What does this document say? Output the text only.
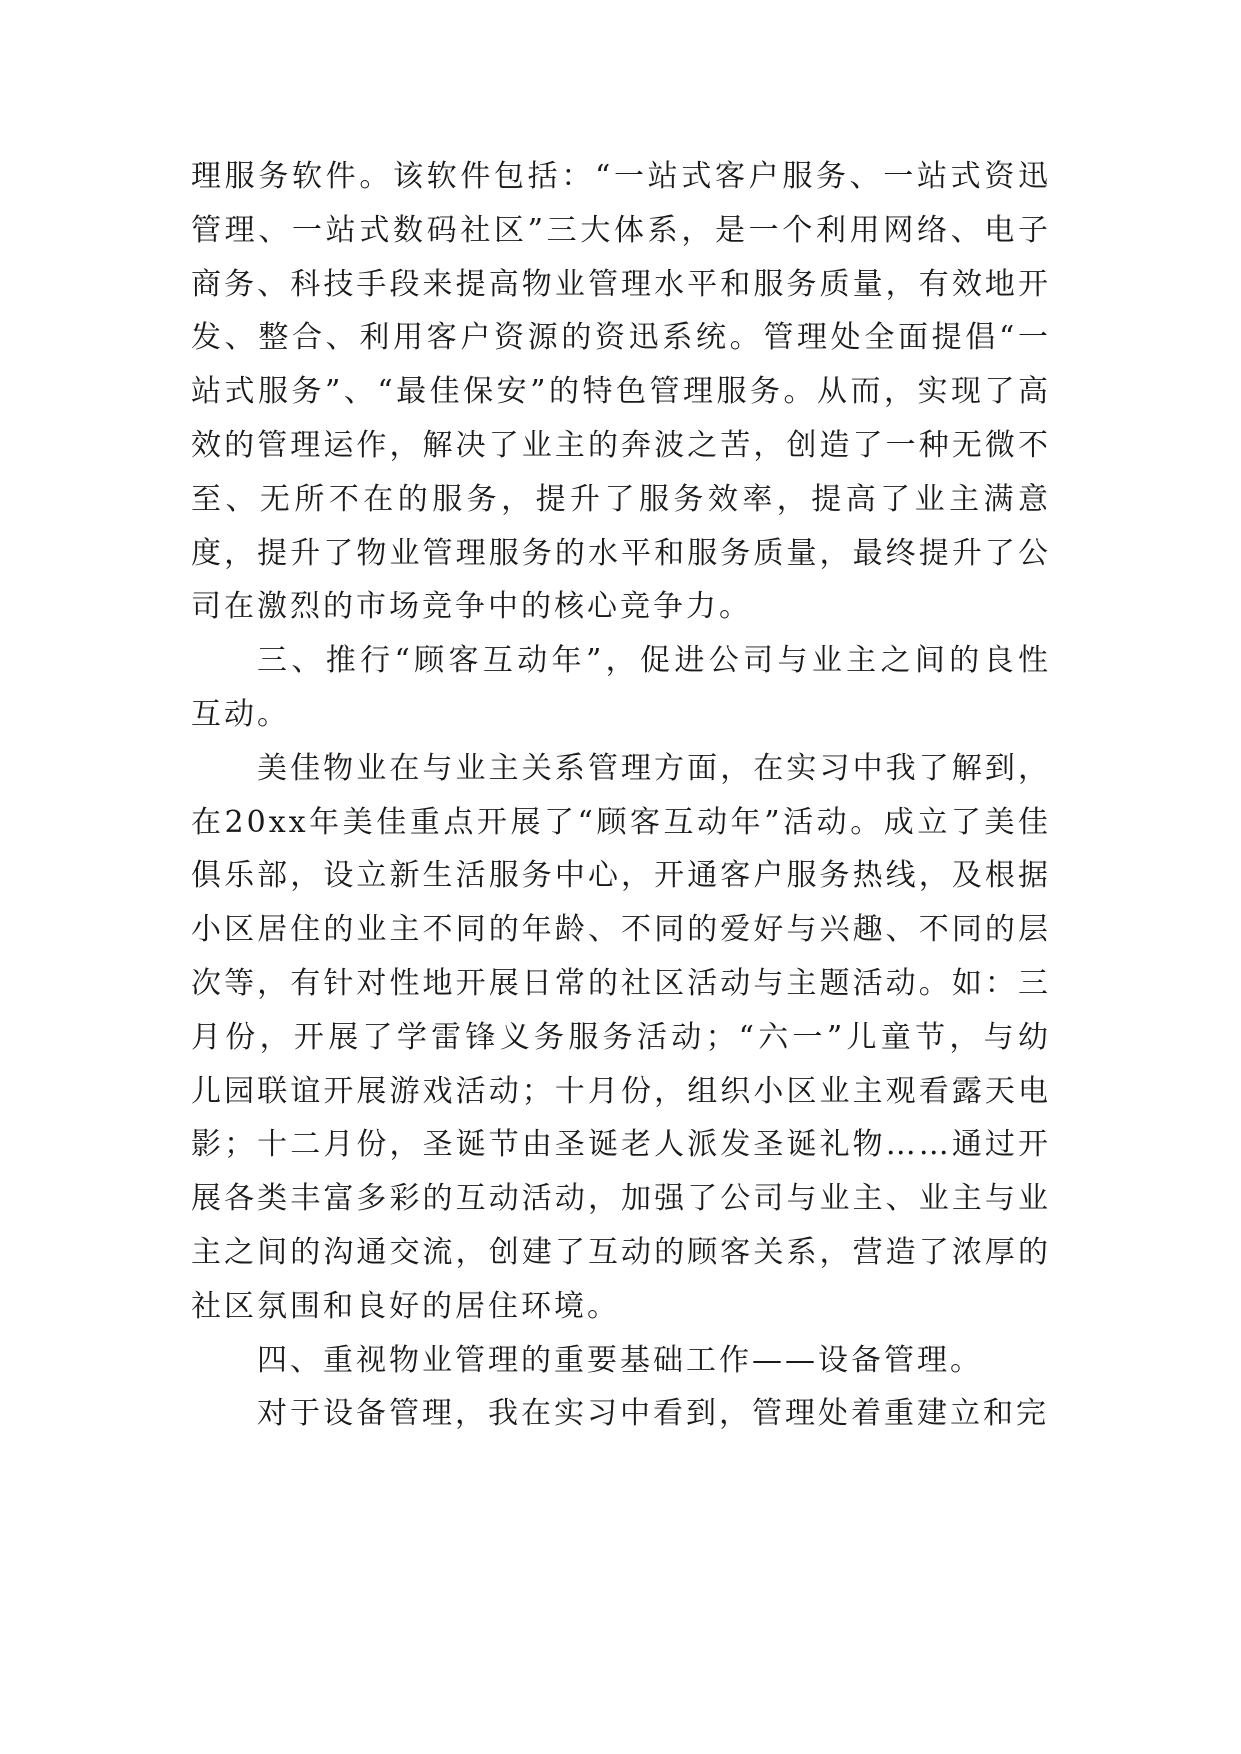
理服务软件。该软件包括：“一站式客户服务、一站式资迅管理、一站式数码社区”三大体系，是一个利用网络、电子商务、科技手段来提高物业管理水平和服务质量，有效地开发、整合、利用客户资源的资迅系统。管理处全面提倡“一站式服务”、“最佳保安”的特色管理服务。从而，实现了高效的管理运作，解决了业主的奔波之苦，创造了一种无微不至、无所不在的服务，提升了服务效率，提高了业主满意度，提升了物业管理服务的水平和服务质量，最终提升了公司在激烈的市场竞争中的核心竞争力。

三、推行“顾客互动年”，促进公司与业主之间的良性互动。

美佳物业在与业主关系管理方面，在实习中我了解到，在20xx年美佳重点开展了“顾客互动年”活动。成立了美佳俱乐部，设立新生活服务中心，开通客户服务热线，及根据小区居住的业主不同的年龄、不同的爱好与兴趣、不同的层次等，有针对性地开展日常的社区活动与主题活动。如：三月份，开展了学雷锋义务服务活动；“六一”儿童节，与幼儿园联谊开展游戏活动；十月份，组织小区业主观看露天电影；十二月份，圣诞节由圣诞老人派发圣诞礼物……通过开展各类丰富多彩的互动活动，加强了公司与业主、业主与业主之间的沟通交流，创建了互动的顾客关系，营造了浓厚的社区氛围和良好的居住环境。

四、重视物业管理的重要基础工作——设备管理。

对于设备管理，我在实习中看到，管理处着重建立和完
